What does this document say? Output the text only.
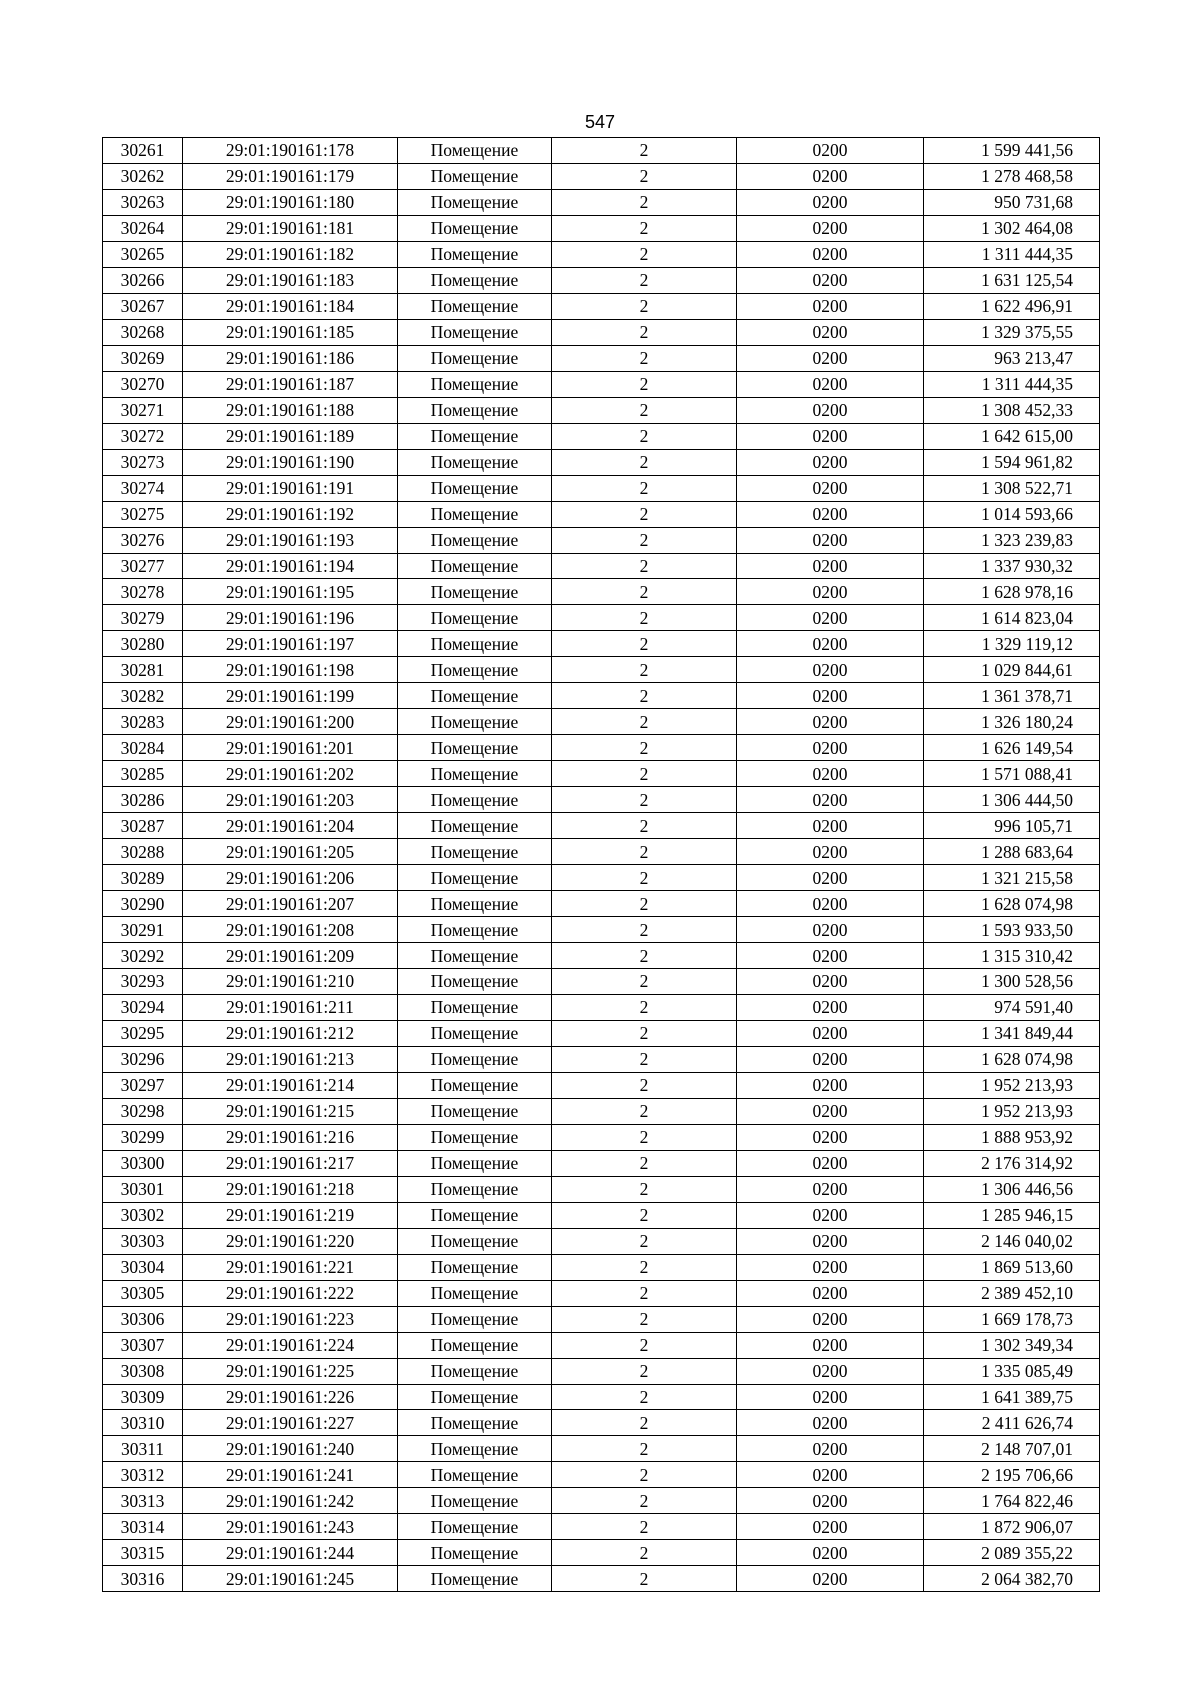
547
30261	29:01:190161:178	Помещение	2	0200	1 599 441,56
30262	29:01:190161:179	Помещение	2	0200	1 278 468,58
30263	29:01:190161:180	Помещение	2	0200	950 731,68
30264	29:01:190161:181	Помещение	2	0200	1 302 464,08
30265	29:01:190161:182	Помещение	2	0200	1 311 444,35
30266	29:01:190161:183	Помещение	2	0200	1 631 125,54
30267	29:01:190161:184	Помещение	2	0200	1 622 496,91
30268	29:01:190161:185	Помещение	2	0200	1 329 375,55
30269	29:01:190161:186	Помещение	2	0200	963 213,47
30270	29:01:190161:187	Помещение	2	0200	1 311 444,35
30271	29:01:190161:188	Помещение	2	0200	1 308 452,33
30272	29:01:190161:189	Помещение	2	0200	1 642 615,00
30273	29:01:190161:190	Помещение	2	0200	1 594 961,82
30274	29:01:190161:191	Помещение	2	0200	1 308 522,71
30275	29:01:190161:192	Помещение	2	0200	1 014 593,66
30276	29:01:190161:193	Помещение	2	0200	1 323 239,83
30277	29:01:190161:194	Помещение	2	0200	1 337 930,32
30278	29:01:190161:195	Помещение	2	0200	1 628 978,16
30279	29:01:190161:196	Помещение	2	0200	1 614 823,04
30280	29:01:190161:197	Помещение	2	0200	1 329 119,12
30281	29:01:190161:198	Помещение	2	0200	1 029 844,61
30282	29:01:190161:199	Помещение	2	0200	1 361 378,71
30283	29:01:190161:200	Помещение	2	0200	1 326 180,24
30284	29:01:190161:201	Помещение	2	0200	1 626 149,54
30285	29:01:190161:202	Помещение	2	0200	1 571 088,41
30286	29:01:190161:203	Помещение	2	0200	1 306 444,50
30287	29:01:190161:204	Помещение	2	0200	996 105,71
30288	29:01:190161:205	Помещение	2	0200	1 288 683,64
30289	29:01:190161:206	Помещение	2	0200	1 321 215,58
30290	29:01:190161:207	Помещение	2	0200	1 628 074,98
30291	29:01:190161:208	Помещение	2	0200	1 593 933,50
30292	29:01:190161:209	Помещение	2	0200	1 315 310,42
30293	29:01:190161:210	Помещение	2	0200	1 300 528,56
30294	29:01:190161:211	Помещение	2	0200	974 591,40
30295	29:01:190161:212	Помещение	2	0200	1 341 849,44
30296	29:01:190161:213	Помещение	2	0200	1 628 074,98
30297	29:01:190161:214	Помещение	2	0200	1 952 213,93
30298	29:01:190161:215	Помещение	2	0200	1 952 213,93
30299	29:01:190161:216	Помещение	2	0200	1 888 953,92
30300	29:01:190161:217	Помещение	2	0200	2 176 314,92
30301	29:01:190161:218	Помещение	2	0200	1 306 446,56
30302	29:01:190161:219	Помещение	2	0200	1 285 946,15
30303	29:01:190161:220	Помещение	2	0200	2 146 040,02
30304	29:01:190161:221	Помещение	2	0200	1 869 513,60
30305	29:01:190161:222	Помещение	2	0200	2 389 452,10
30306	29:01:190161:223	Помещение	2	0200	1 669 178,73
30307	29:01:190161:224	Помещение	2	0200	1 302 349,34
30308	29:01:190161:225	Помещение	2	0200	1 335 085,49
30309	29:01:190161:226	Помещение	2	0200	1 641 389,75
30310	29:01:190161:227	Помещение	2	0200	2 411 626,74
30311	29:01:190161:240	Помещение	2	0200	2 148 707,01
30312	29:01:190161:241	Помещение	2	0200	2 195 706,66
30313	29:01:190161:242	Помещение	2	0200	1 764 822,46
30314	29:01:190161:243	Помещение	2	0200	1 872 906,07
30315	29:01:190161:244	Помещение	2	0200	2 089 355,22
30316	29:01:190161:245	Помещение	2	0200	2 064 382,70
